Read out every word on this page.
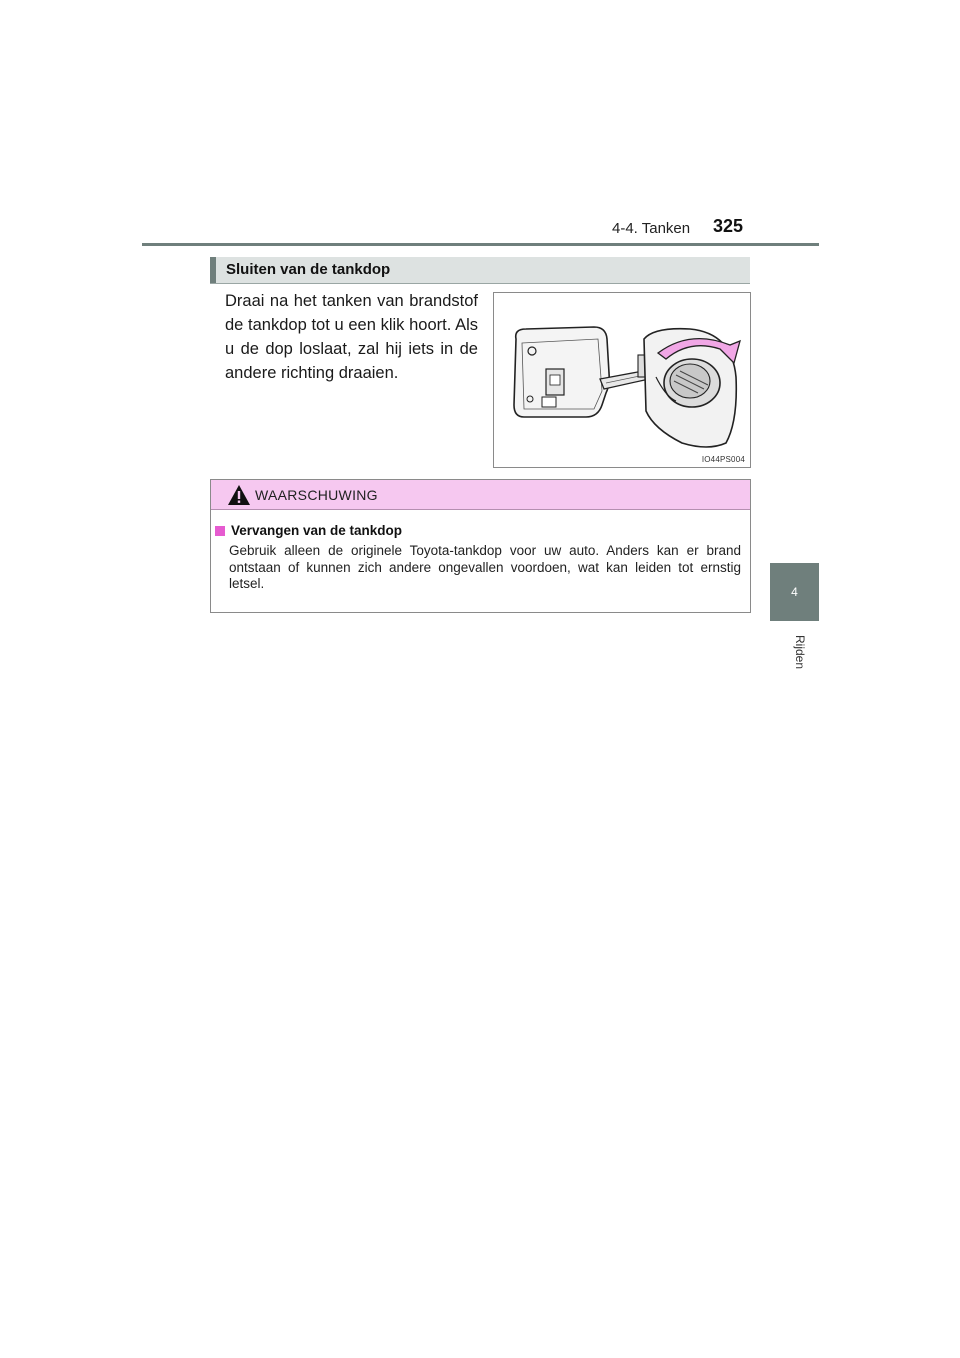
4-4. Tanken 325
4
Rijden
Sluiten van de tankdop
Draai na het tanken van brandstof de tankdop tot u een klik hoort. Als u de dop loslaat, zal hij iets in de andere richting draaien.
IO44PS004
WAARSCHUWING
Vervangen van de tankdop
Gebruik alleen de originele Toyota-tankdop voor uw auto. Anders kan er brand ontstaan of kunnen zich andere ongevallen voordoen, wat kan leiden tot ernstig letsel.
